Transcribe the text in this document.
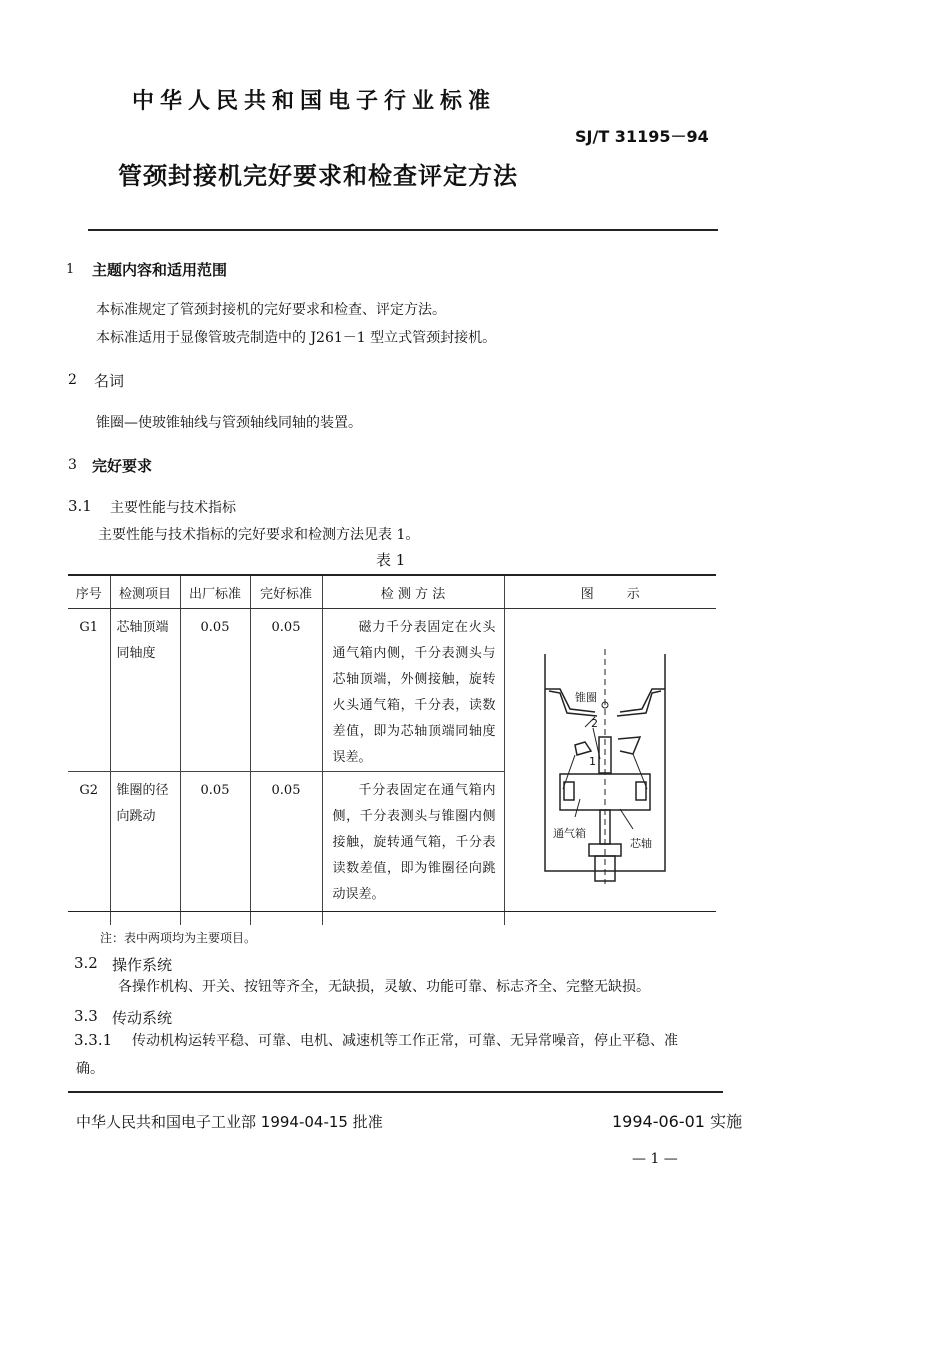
中华人民共和国电子行业标准
SJ/T 31195－94
管颈封接机完好要求和检查评定方法
1 主题内容和适用范围
本标准规定了管颈封接机的完好要求和检查、评定方法。
本标准适用于显像管玻壳制造中的 J261－1 型立式管颈封接机。
2 名词
锥圈—使玻锥轴线与管颈轴线同轴的装置。
3 完好要求
3.1 主要性能与技术指标
主要性能与技术指标的完好要求和检测方法见表 1。
表 1
序号	检测项目	出厂标准	完好标准	检 测 方 法	图        示
G1	芯轴顶端同轴度	0.05	0.05	磁力千分表固定在火头通气箱内侧，千分表测头与芯轴顶端，外侧接触，旋转火头通气箱，千分表，读数差值，即为芯轴顶端同轴度误差。	锥圈
2
1
通气箱
芯轴

G2	锥圈的径向跳动	0.05	0.05	千分表固定在通气箱内侧，千分表测头与锥圈内侧接触，旋转通气箱，千分表读数差值，即为锥圈径向跳动误差。	
注：表中两项均为主要项目。
3.2 操作系统
各操作机构、开关、按钮等齐全，无缺损，灵敏、功能可靠、标志齐全、完整无缺损。
3.3 传动系统
3.3.1 传动机构运转平稳、可靠、电机、减速机等工作正常，可靠、无异常噪音，停止平稳、准
确。
中华人民共和国电子工业部 1994-04-15 批准	1994-06-01 实施
— 1 —
